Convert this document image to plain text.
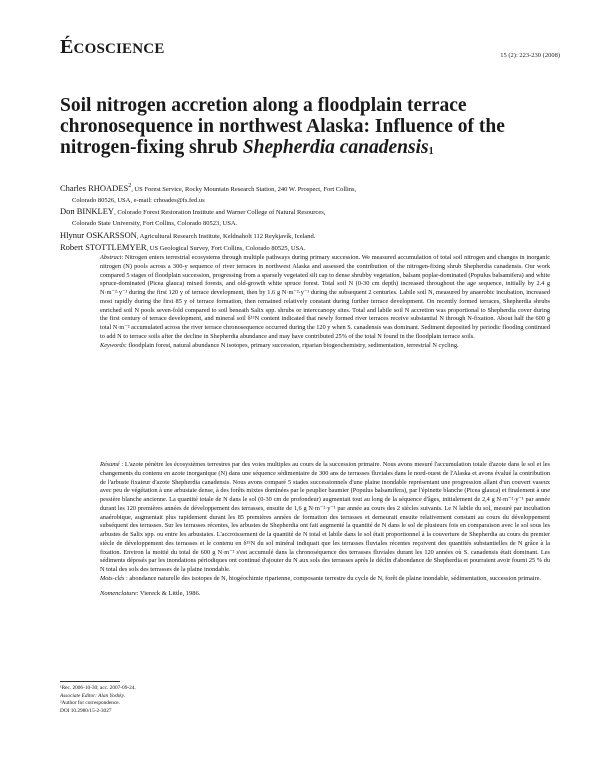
ÉCOSCIENCE	15 (2): 223-230 (2008)
Soil nitrogen accretion along a floodplain terrace chronosequence in northwest Alaska: Influence of the nitrogen-fixing shrub Shepherdia canadensis$^1$
Charles RHOADES$^2$, US Forest Service, Rocky Mountain Research Station, 240 W. Prospect, Fort Collins,
Colorado 80526, USA, e-mail: crhoades@fs.fed.us
Don BINKLEY, Colorado Forest Restoration Institute and Warner College of Natural Resources,
Colorado State University, Fort Collins, Colorado 80523, USA.
Hlynur OSKARSSON, Agricultural Research Institute, Keldnaholt 112 Reykjavík, Iceland.
Robert STOTTLEMYER, US Geological Survey, Fort Collins, Colorado 80525, USA.
Abstract: Nitrogen enters terrestrial ecosystems through multiple pathways during primary succession. We measured accumulation of total soil nitrogen and changes in inorganic nitrogen (N) pools across a 300-y sequence of river terraces in northwest Alaska and assessed the contribution of the nitrogen-fixing shrub Shepherdia canadensis. Our work compared 5 stages of floodplain succession, progressing from a sparsely vegetated silt cap to dense shrubby vegetation, balsam poplar-dominated (Populus balsamifera) and white spruce-dominated (Picea glauca) mixed forests, and old-growth white spruce forest. Total soil N (0-30 cm depth) increased throughout the age sequence, initially by 2.4 g N·m⁻²·y⁻¹ during the first 120 y of terrace development, then by 1.6 g N·m⁻²·y⁻¹ during the subsequent 2 centuries. Labile soil N, measured by anaerobic incubation, increased most rapidly during the first 85 y of terrace formation, then remained relatively constant during further terrace development. On recently formed terraces, Shepherdia shrubs enriched soil N pools seven-fold compared to soil beneath Salix spp. shrubs or interccanopy sites. Total and labile soil N accretion was proportional to Shepherdia cover during the first century of terrace development, and mineral soil δ¹⁵N content indicated that newly formed river terraces receive substantial N through N-fixation. About half the 600 g total N·m⁻² accumulated across the river terrace chronosequence occurred during the 120 y when S. canadensis was dominant. Sediment deposited by periodic flooding continued to add N to terrace soils after the decline in Shepherdia abundance and may have contributed 25% of the total N found in the floodplain terrace soils.
Keywords: floodplain forest, natural abundance N isotopes, primary succession, riparian biogeochemistry, sedimentation, terrestrial N cycling.
Résumé : L'azote pénètre les écosystèmes terrestres par des voies multiples au cours de la succession primaire. Nous avons mesuré l'accumulation totale d'azote dans le sol et les changements du contenu en azote inorganique (N) dans une séquence sédimentaire de 300 ans de terrasses fluviales dans le nord-ouest de l'Alaska et avons évalué la contribution de l'arbuste fixateur d'azote Shepherdia canadensis. Nous avons comparé 5 stades successionnels d'une plaine inondable représentant une progression allant d'un couvert vaseux avec peu de végétation à une arbustaie dense, à des forêts mixtes dominées par le peuplier baumier (Populus balsamifera), par l'épinette blanche (Picea glauca) et finalement à une pessière blanche ancienne. La quantité totale de N dans le sol (0-30 cm de profondeur) augmentait tout au long de la séquence d'âges, initialement de 2,4 g N·m⁻²·y⁻¹ par année durant les 120 premières années de développement des terrasses, ensuite de 1,6 g N·m⁻²·y⁻¹ par année au cours des 2 siècles suivants. Le N labile du sol, mesuré par incubation anaérobique, augmentait plus rapidement durant les 85 premières années de formation des terrasses et demeurait ensuite relativement constant au cours du développement subséquent des terrasses. Sur les terrasses récentes, les arbustes de Shepherdia ont fait augmenté la quantité de N dans le sol de plusieurs fois en comparaison avec le sol sous les arbustes de Salix spp. ou entre les arbustaies. L'accroissement de la quantité de N total et labile dans le sol était proportionnel à la couverture de Shepherdia au cours du premier siècle de développement des terrasses et le contenu en δ¹⁵N du sol minéral indiquait que les terrasses fluviales récentes reçoivent des quantités substantielles de N grâce à la fixation. Environ la moitié du total de 600 g N·m⁻² s'est accumulé dans la chronoséquence des terrasses fluviales durant les 120 années où S. canadensis était dominant. Les sédiments déposés par les inondations périodiques ont continué d'ajouter du N aux sols des terrasses après le déclin d'abondance de Shepherdia et pourraient avoir fourni 25 % du N total des sols des terrasses de la plaine inondable.
Mots-clés : abondance naturelle des isotopes de N, biogéochimie riparienne, composante terrestre du cycle de N, forêt de plaine inondable, sédimentation, succession primaire.
Nomenclature: Viereck & Little, 1986.
¹Rec. 2006-10-30; acc. 2007-09-24.
Associate Editor: Alan Yoshky.
²Author for correspondence.
DOI 10.2980/15-2-3027
